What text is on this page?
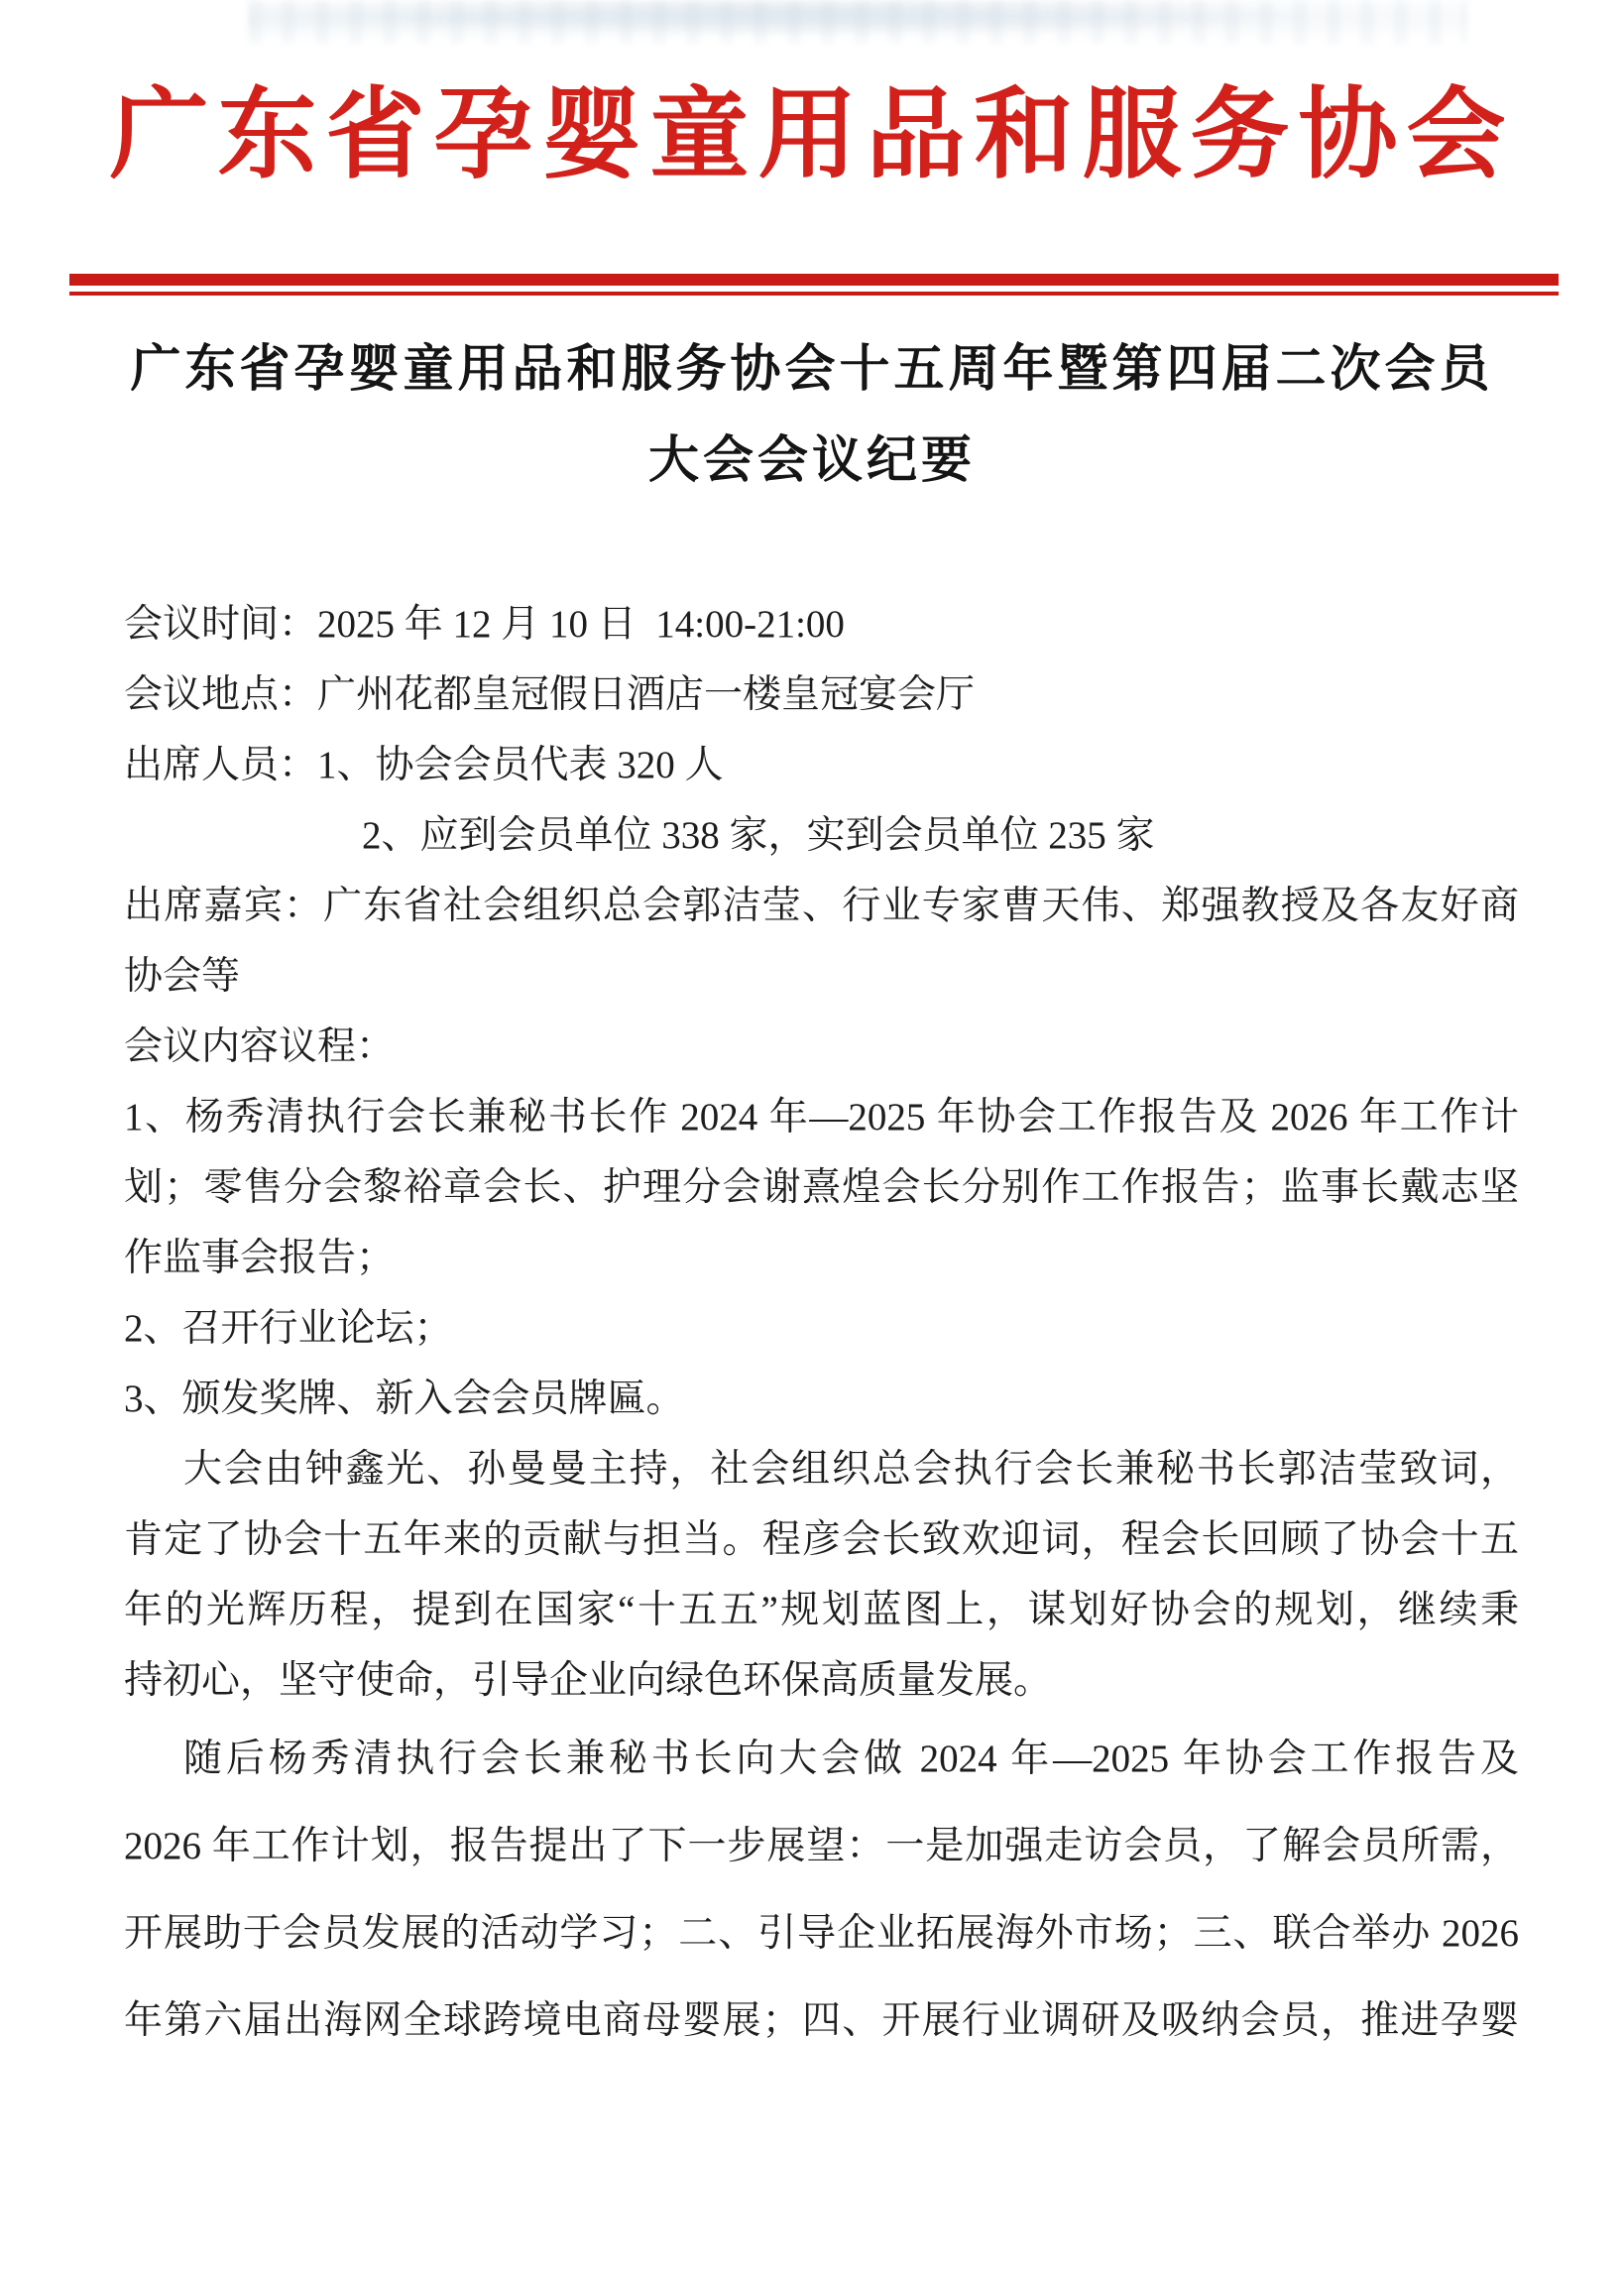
广东省孕婴童用品和服务协会
广东省孕婴童用品和服务协会十五周年暨第四届二次会员
大会会议纪要
会议时间：2025 年 12 月 10 日  14:00-21:00
会议地点：广州花都皇冠假日酒店一楼皇冠宴会厅
出席人员：1、协会会员代表 320 人
2、应到会员单位 338 家，实到会员单位 235 家
出席嘉宾：广东省社会组织总会郭洁莹、行业专家曹天伟、郑强教授及各友好商
协会等
会议内容议程：
1、杨秀清执行会长兼秘书长作 2024 年—2025 年协会工作报告及 2026 年工作计
划；零售分会黎裕章会长、护理分会谢熹煌会长分别作工作报告；监事长戴志坚
作监事会报告；
2、召开行业论坛；
3、颁发奖牌、新入会会员牌匾。
大会由钟鑫光、孙曼曼主持，社会组织总会执行会长兼秘书长郭洁莹致词，
肯定了协会十五年来的贡献与担当。程彦会长致欢迎词，程会长回顾了协会十五
年的光辉历程，提到在国家“十五五”规划蓝图上，谋划好协会的规划，继续秉
持初心，坚守使命，引导企业向绿色环保高质量发展。
随后杨秀清执行会长兼秘书长向大会做 2024 年—2025 年协会工作报告及
2026 年工作计划，报告提出了下一步展望：一是加强走访会员，了解会员所需，
开展助于会员发展的活动学习；二、引导企业拓展海外市场；三、联合举办 2026
年第六届出海网全球跨境电商母婴展；四、开展行业调研及吸纳会员，推进孕婴
